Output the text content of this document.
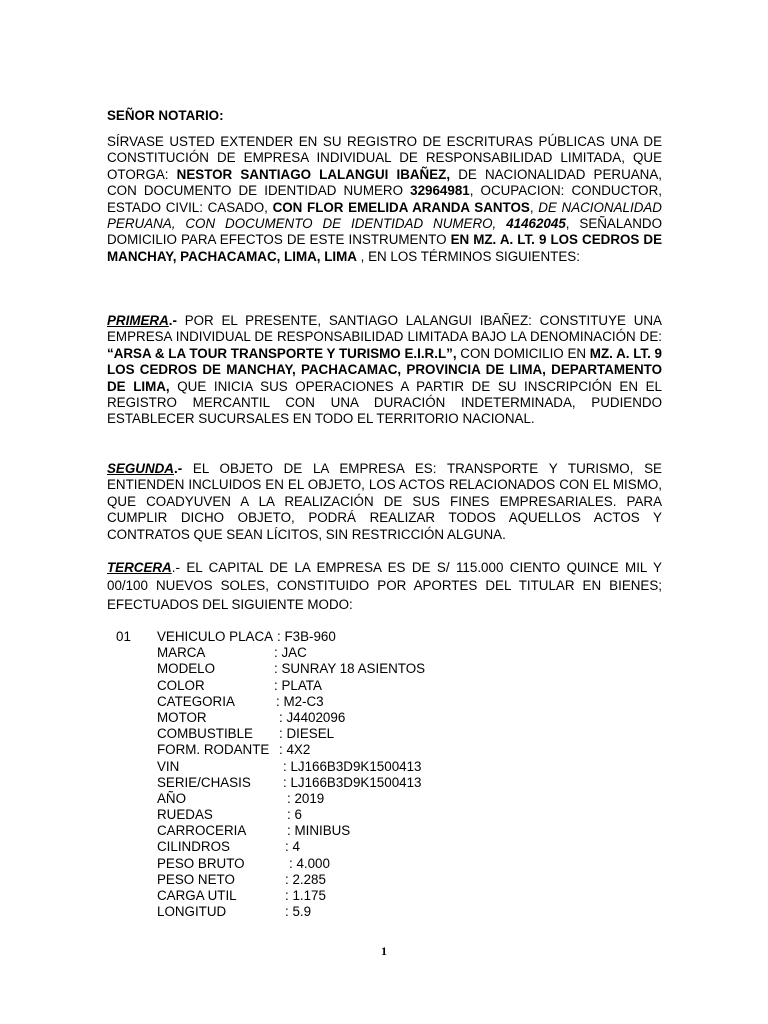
SEÑOR NOTARIO:

SÍRVASE USTED EXTENDER EN SU REGISTRO DE ESCRITURAS PÚBLICAS UNA DE CONSTITUCIÓN DE EMPRESA INDIVIDUAL DE RESPONSABILIDAD LIMITADA, QUE OTORGA: NESTOR SANTIAGO LALANGUI IBAÑEZ, DE NACIONALIDAD PERUANA, CON DOCUMENTO DE IDENTIDAD NUMERO 32964981, OCUPACION: CONDUCTOR, ESTADO CIVIL: CASADO, CON FLOR EMELIDA ARANDA SANTOS, DE NACIONALIDAD PERUANA, CON DOCUMENTO DE IDENTIDAD NUMERO, 41462045, SEÑALANDO DOMICILIO PARA EFECTOS DE ESTE INSTRUMENTO EN MZ. A. LT. 9 LOS CEDROS DE MANCHAY, PACHACAMAC, LIMA, LIMA , EN LOS TÉRMINOS SIGUIENTES:

PRIMERA.- POR EL PRESENTE, SANTIAGO LALANGUI IBAÑEZ: CONSTITUYE UNA EMPRESA INDIVIDUAL DE RESPONSABILIDAD LIMITADA BAJO LA DENOMINACIÓN DE: “ARSA & LA TOUR TRANSPORTE Y TURISMO E.I.R.L”, CON DOMICILIO EN MZ. A. LT. 9 LOS CEDROS DE MANCHAY, PACHACAMAC, PROVINCIA DE LIMA, DEPARTAMENTO DE LIMA, QUE INICIA SUS OPERACIONES A PARTIR DE SU INSCRIPCIÓN EN EL REGISTRO MERCANTIL CON UNA DURACIÓN INDETERMINADA, PUDIENDO ESTABLECER SUCURSALES EN TODO EL TERRITORIO NACIONAL.

SEGUNDA.- EL OBJETO DE LA EMPRESA ES: TRANSPORTE Y TURISMO, SE ENTIENDEN INCLUIDOS EN EL OBJETO, LOS ACTOS RELACIONADOS CON EL MISMO, QUE COADYUVEN A LA REALIZACIÓN DE SUS FINES EMPRESARIALES. PARA CUMPLIR DICHO OBJETO, PODRÁ REALIZAR TODOS AQUELLOS ACTOS Y CONTRATOS QUE SEAN LÍCITOS, SIN RESTRICCIÓN ALGUNA.

TERCERA.- EL CAPITAL DE LA EMPRESA ES DE S/ 115.000 CIENTO QUINCE MIL Y 00/100 NUEVOS SOLES, CONSTITUIDO POR APORTES DEL TITULAR EN BIENES; EFECTUADOS DEL SIGUIENTE MODO:

01 VEHICULO PLACA : F3B-960
MARCA	: JAC
MODELO	: SUNRAY 18 ASIENTOS
COLOR	: PLATA
CATEGORIA	: M2-C3
MOTOR	: J4402096
COMBUSTIBLE : DIESEL
FORM. RODANTE : 4X2
VIN	: LJ166B3D9K1500413
SERIE/CHASIS : LJ166B3D9K1500413
AÑO	: 2019
RUEDAS	: 6
CARROCERIA	: MINIBUS
CILINDROS	: 4
PESO BRUTO	: 4.000
PESO NETO	: 2.285
CARGA UTIL	: 1.175
LONGITUD	: 5.9
1
